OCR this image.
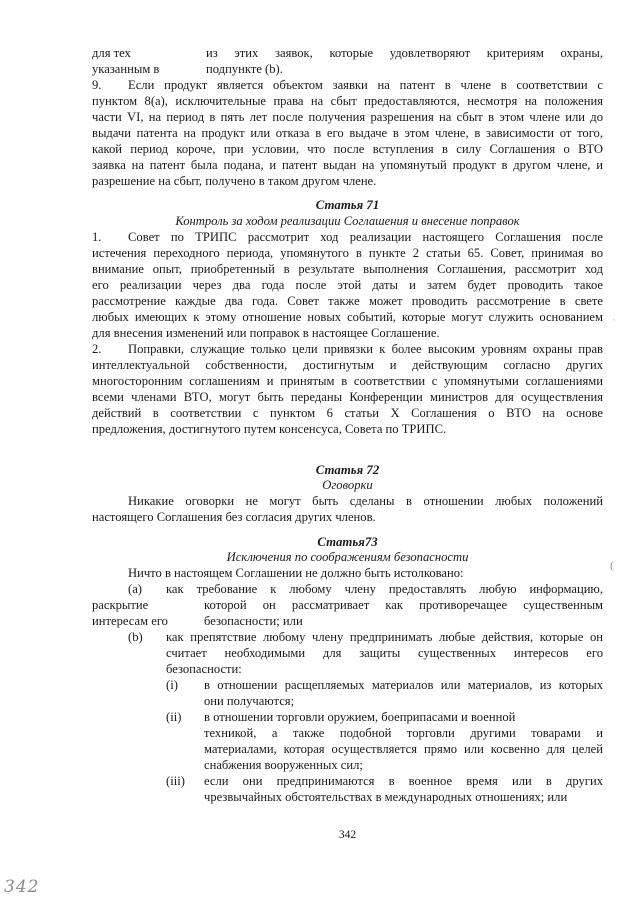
для тех	из этих заявок, которые удовлетворяют критериям охраны,
указанным в	подпункте (b).
9. Если продукт является объектом заявки на патент в члене в соответствии с
пунктом 8(а), исключительные права на сбыт предоставляются, несмотря на положения
части VI, на период в пять лет после получения разрешения на сбыт в этом члене или до
выдачи патента на продукт или отказа в его выдаче в этом члене, в зависимости от того,
какой период короче, при условии, что после вступления в силу Соглашения о ВТО
заявка на патент была подана, и патент выдан на упомянутый продукт в другом члене, и
разрешение на сбыт, получено в таком другом члене.
Статья 71
Контроль за ходом реализации Соглашения и внесение поправок
1. Совет по ТРИПС рассмотрит ход реализации настоящего Соглашения после
истечения переходного периода, упомянутого в пункте 2 статьи 65. Совет, принимая во
внимание опыт, приобретенный в результате выполнения Соглашения, рассмотрит ход
его реализации через два года после этой даты и затем будет проводить такое
рассмотрение каждые два года. Совет также может проводить рассмотрение в свете
любых имеющих к этому отношение новых событий, которые могут служить основанием
для внесения изменений или поправок в настоящее Соглашение.
2. Поправки, служащие только цели привязки к более высоким уровням охраны прав
интеллектуальной собственности, достигнутым и действующим согласно других
многосторонним соглашениям и принятым в соответствии с упомянутыми соглашениями
всеми членами ВТО, могут быть переданы Конференции министров для осуществления
действий в соответствии с пунктом 6 статьи Х Соглашения о ВТО на основе
предложения, достигнутого путем консенсуса, Совета по ТРИПС.
Статья 72
Оговорки
Никакие оговорки не могут быть сделаны в отношении любых положений
настоящего Соглашения без согласия других членов.
Статья73
Исключения по соображениям безопасности
Ничто в настоящем Соглашении не должно быть истолковано:
(а) как требование к любому члену предоставлять любую информацию,
раскрытие	которой он рассматривает как противоречащее существенным
интересам его	безопасности; или
(b) как препятствие любому члену предпринимать любые действия, которые он
считает необходимыми для защиты существенных интересов его
безопасности:
(i) в отношении расщепляемых материалов или материалов, из которых
они получаются;
(ii) в отношении торговли оружием, боеприпасами и военной
техникой, а также подобной торговли другими товарами и
материалами, которая осуществляется прямо или косвенно для целей
снабжения вооруженных сил;
(iii) если они предпринимаются в военное время или в других
чрезвычайных обстоятельствах в международных отношениях; или
342
342
˙
(
